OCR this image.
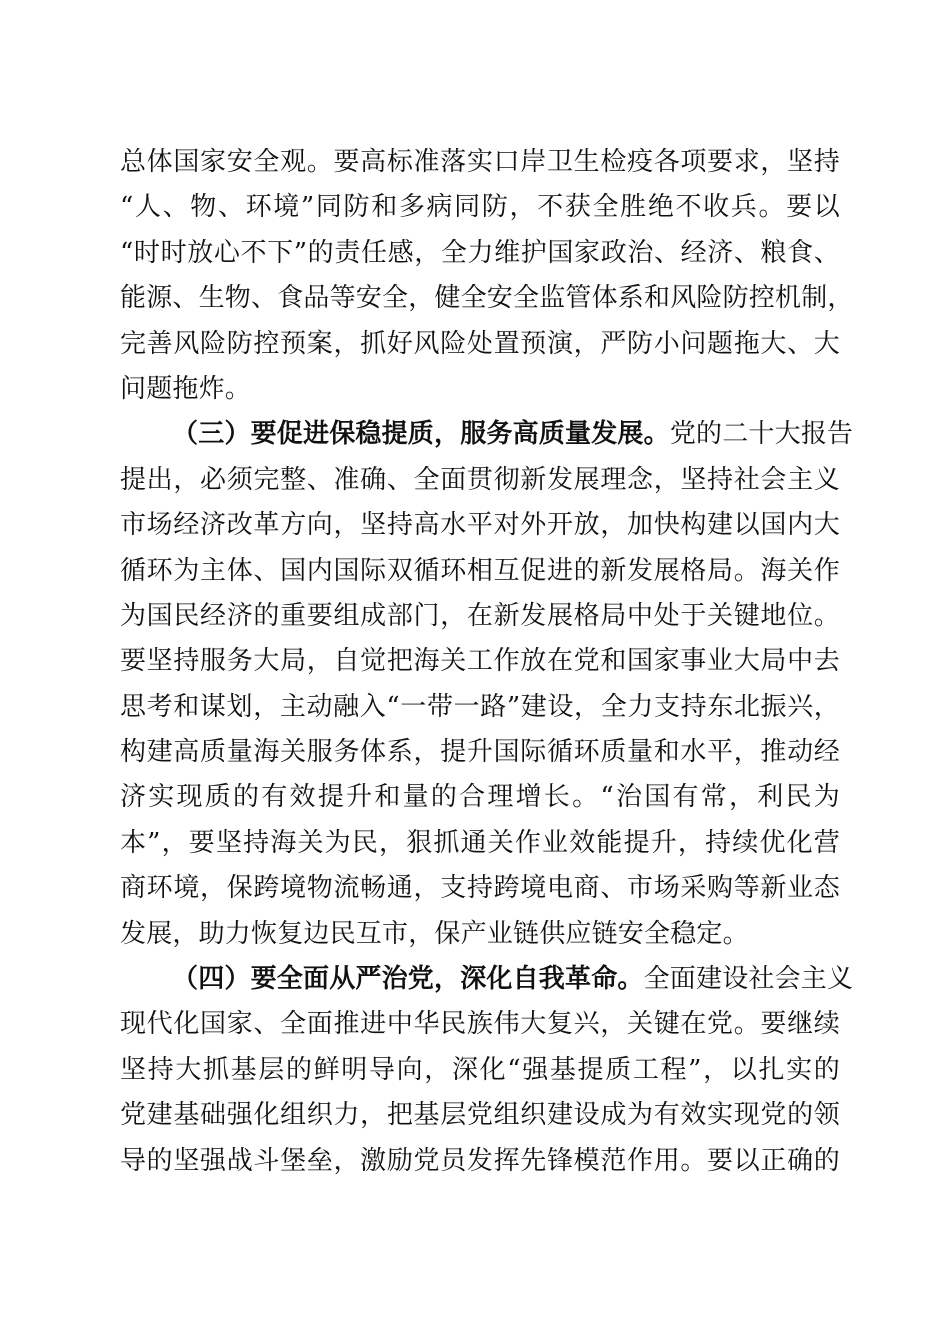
总体国家安全观。要高标准落实口岸卫生检疫各项要求，坚持
“人、物、环境”同防和多病同防，不获全胜绝不收兵。要以
“时时放心不下”的责任感，全力维护国家政治、经济、粮食、
能源、生物、食品等安全，健全安全监管体系和风险防控机制，
完善风险防控预案，抓好风险处置预演，严防小问题拖大、大
问题拖炸。
（三）要促进保稳提质，服务高质量发展。党的二十大报告
提出，必须完整、准确、全面贯彻新发展理念，坚持社会主义
市场经济改革方向，坚持高水平对外开放，加快构建以国内大
循环为主体、国内国际双循环相互促进的新发展格局。海关作
为国民经济的重要组成部门，在新发展格局中处于关键地位。
要坚持服务大局，自觉把海关工作放在党和国家事业大局中去
思考和谋划，主动融入“一带一路”建设，全力支持东北振兴，
构建高质量海关服务体系，提升国际循环质量和水平，推动经
济实现质的有效提升和量的合理增长。“治国有常，利民为
本”，要坚持海关为民，狠抓通关作业效能提升，持续优化营
商环境，保跨境物流畅通，支持跨境电商、市场采购等新业态
发展，助力恢复边民互市，保产业链供应链安全稳定。
（四）要全面从严治党，深化自我革命。全面建设社会主义
现代化国家、全面推进中华民族伟大复兴，关键在党。要继续
坚持大抓基层的鲜明导向，深化“强基提质工程”，以扎实的
党建基础强化组织力，把基层党组织建设成为有效实现党的领
导的坚强战斗堡垒，激励党员发挥先锋模范作用。要以正确的
